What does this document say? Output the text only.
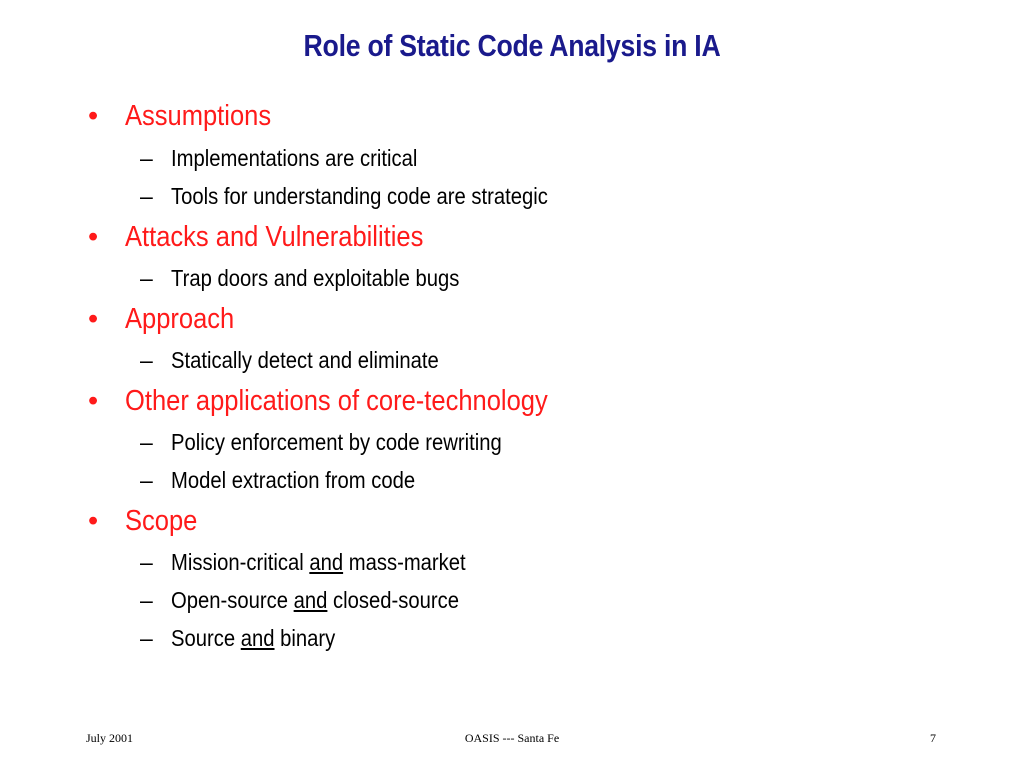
Role of Static Code Analysis in IA
• Assumptions
– Implementations are critical
– Tools for understanding code are strategic
• Attacks and Vulnerabilities
– Trap doors and exploitable bugs
• Approach
– Statically detect and eliminate
• Other applications of core-technology
– Policy enforcement by code rewriting
– Model extraction from code
• Scope
– Mission-critical and mass-market
– Open-source and closed-source
– Source and binary
July 2001	OASIS --- Santa Fe	7
